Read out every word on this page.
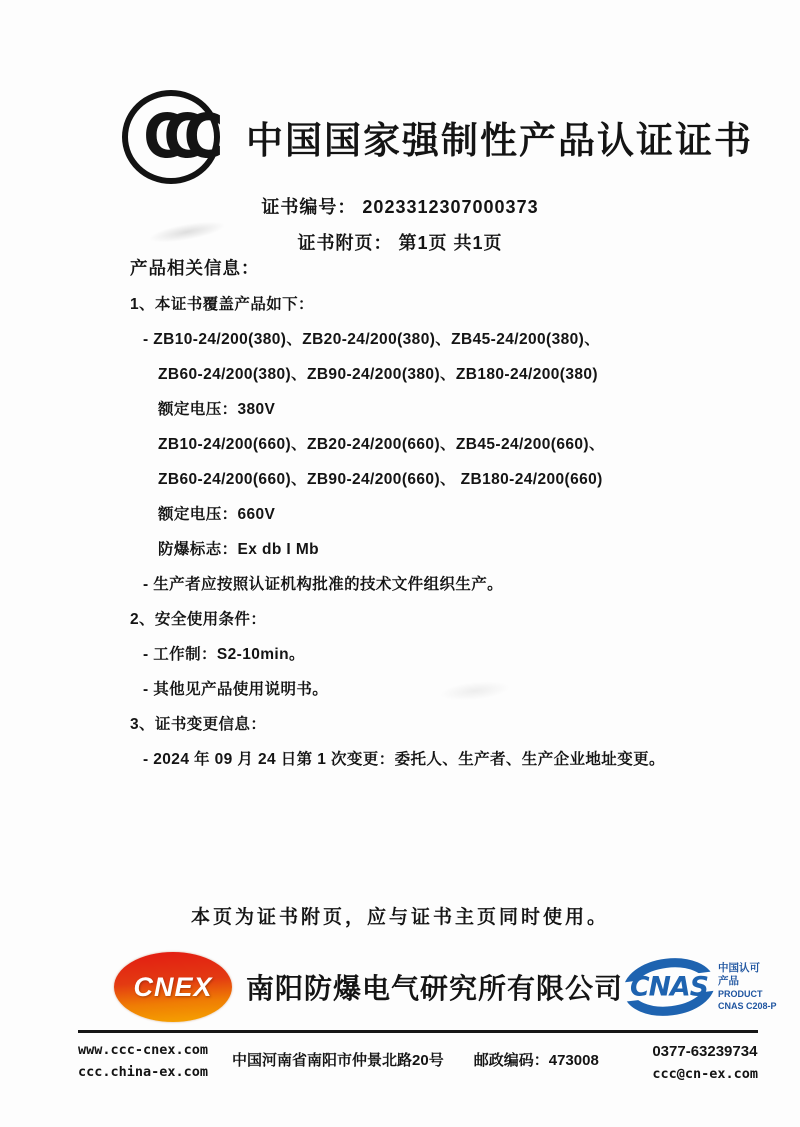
CCC 中国国家强制性产品认证证书
证书编号： 2023312307000373
证书附页： 第1页 共1页
产品相关信息：
1、本证书覆盖产品如下：
- ZB10-24/200(380)、ZB20-24/200(380)、ZB45-24/200(380)、
ZB60-24/200(380)、ZB90-24/200(380)、ZB180-24/200(380)
额定电压：380V
ZB10-24/200(660)、ZB20-24/200(660)、ZB45-24/200(660)、
ZB60-24/200(660)、ZB90-24/200(660)、 ZB180-24/200(660)
额定电压：660V
防爆标志：Ex db I Mb
- 生产者应按照认证机构批准的技术文件组织生产。
2、安全使用条件：
- 工作制：S2-10min。
- 其他见产品使用说明书。
3、证书变更信息：
- 2024 年 09 月 24 日第 1 次变更：委托人、生产者、生产企业地址变更。
本页为证书附页，应与证书主页同时使用。
CNEX 南阳防爆电气研究所有限公司 CNAS
中国认可
产品
PRODUCT
CNAS C208-P
www.ccc-cnex.com
ccc.china-ex.com
中国河南省南阳市仲景北路20号 邮政编码：473008
0377-63239734
ccc@cn-ex.com
